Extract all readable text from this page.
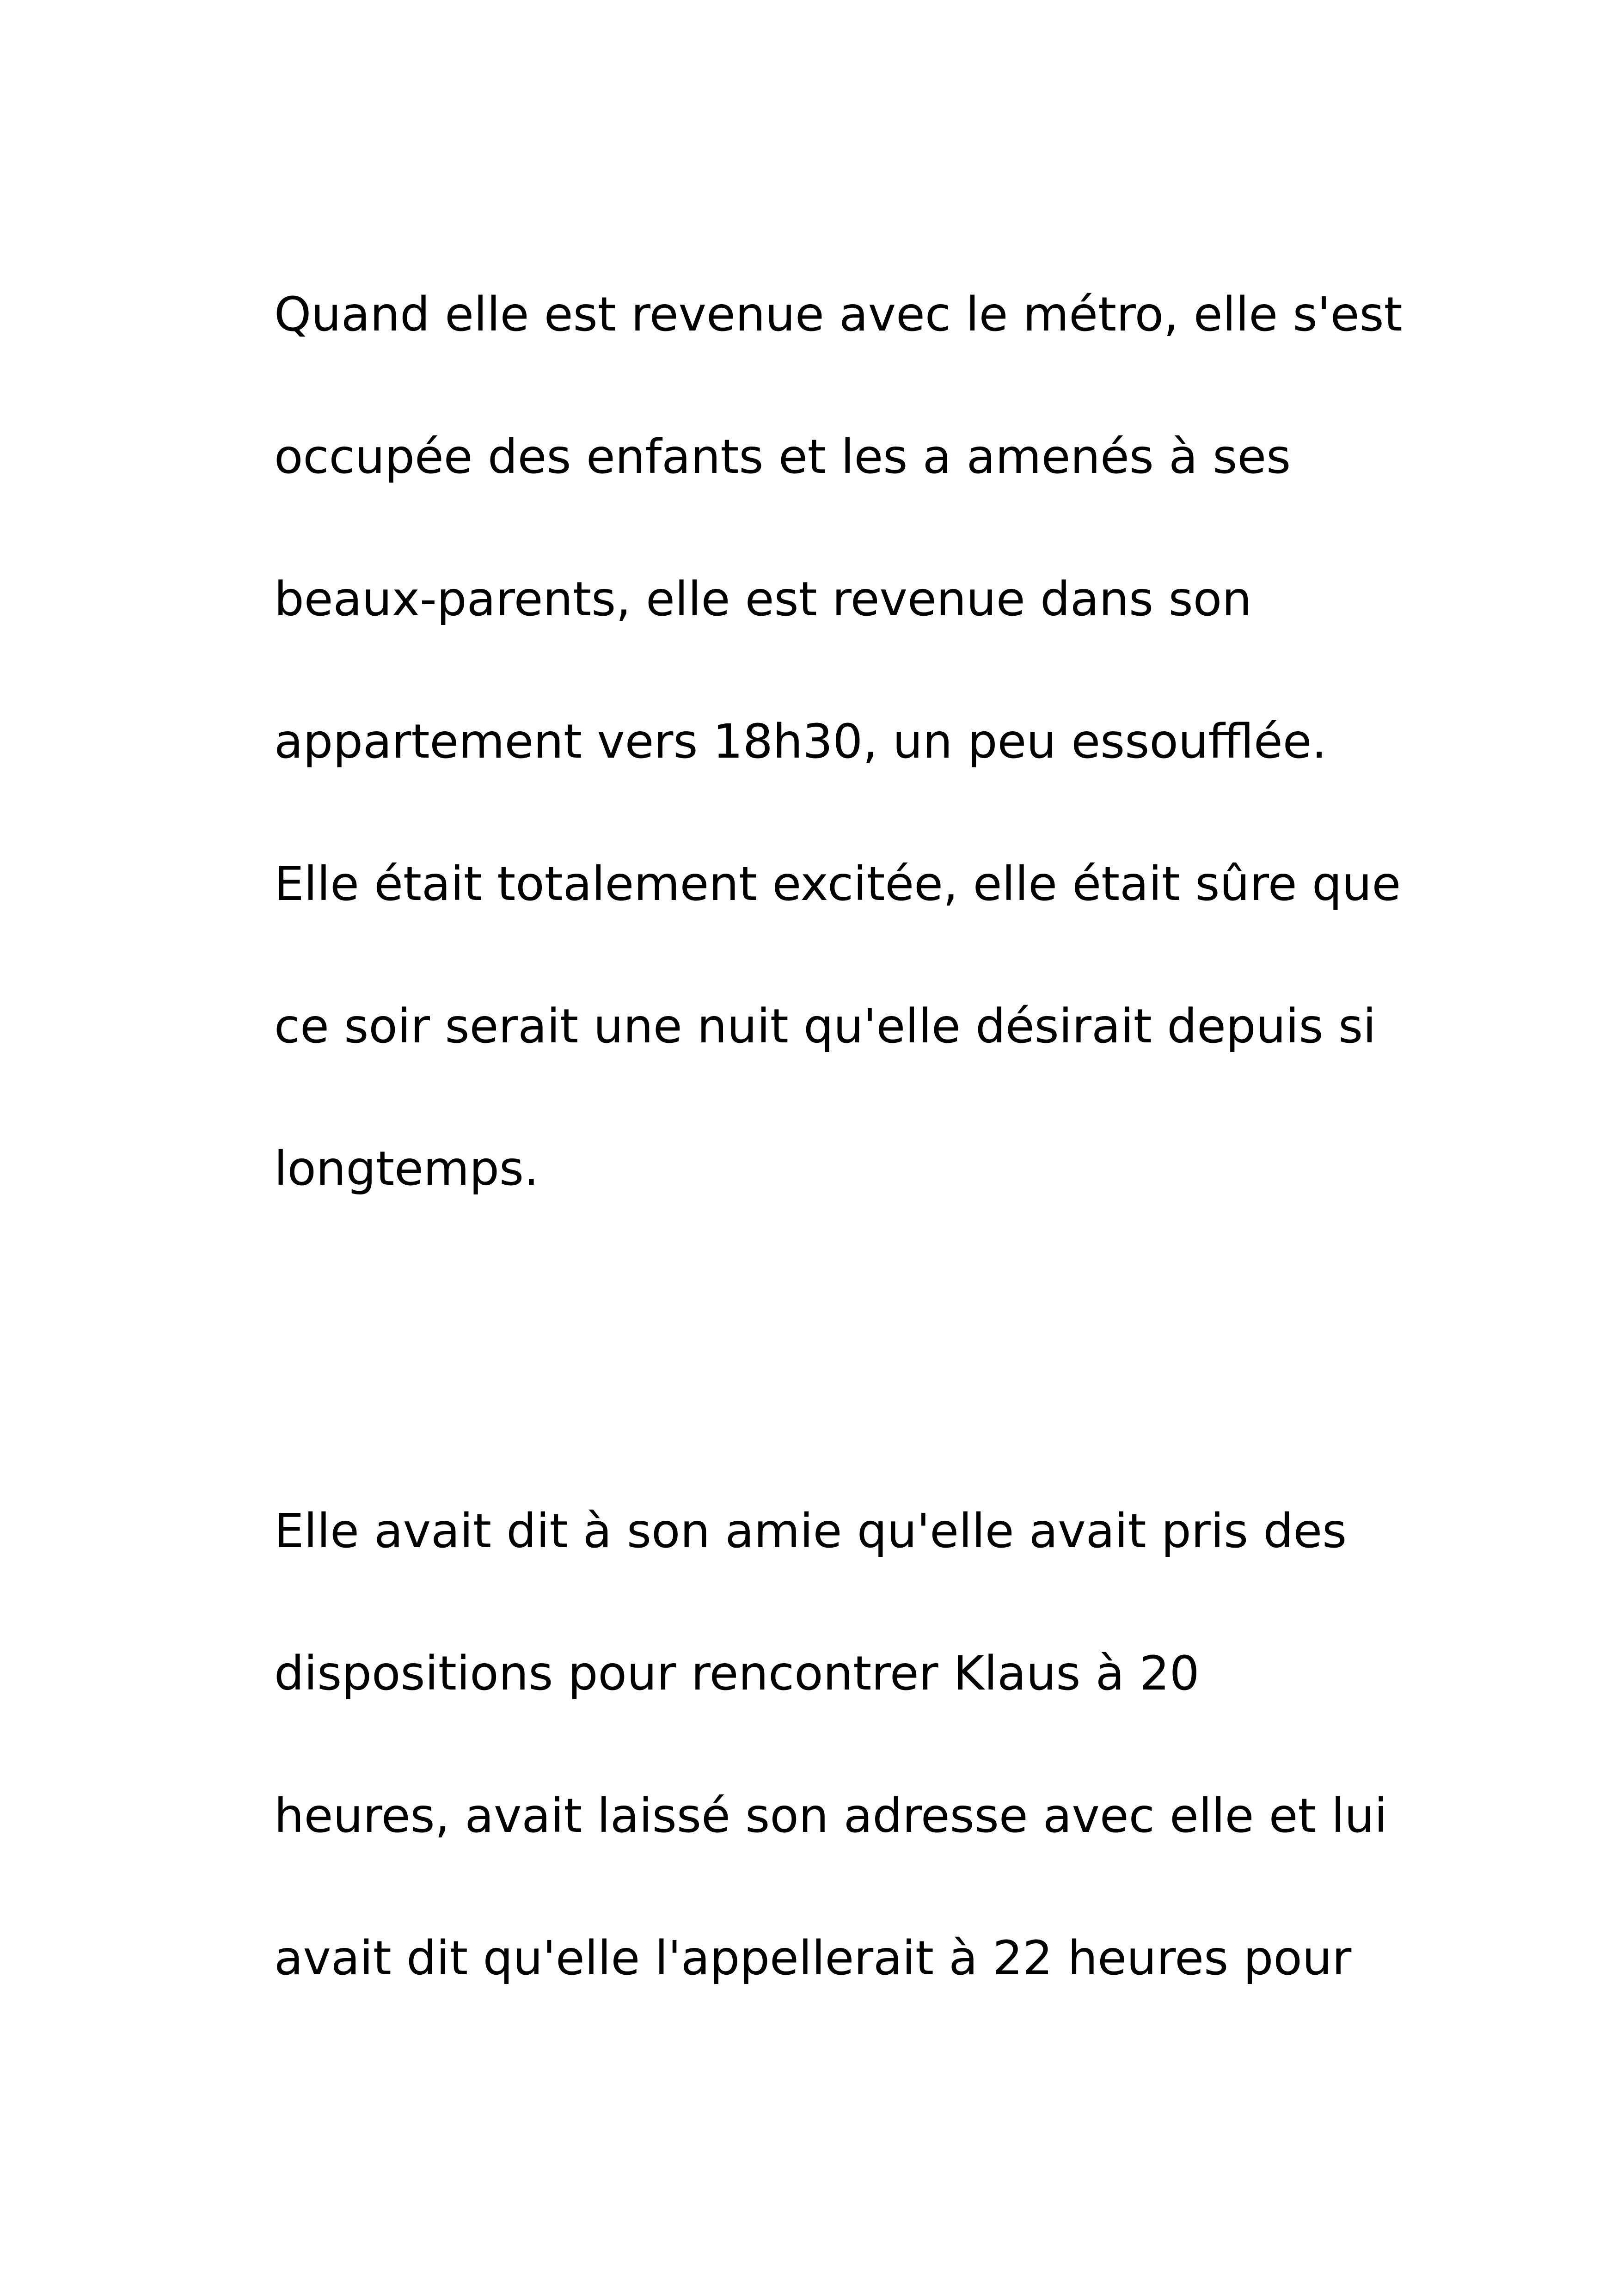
Quand elle est revenue avec le métro, elle s'est

occupée des enfants et les a amenés à ses

beaux-parents, elle est revenue dans son

appartement vers 18h30, un peu essoufflée.

Elle était totalement excitée, elle était sûre que

ce soir serait une nuit qu'elle désirait depuis si

longtemps.

Elle avait dit à son amie qu'elle avait pris des

dispositions pour rencontrer Klaus à 20

heures, avait laissé son adresse avec elle et lui

avait dit qu'elle l'appellerait à 22 heures pour
